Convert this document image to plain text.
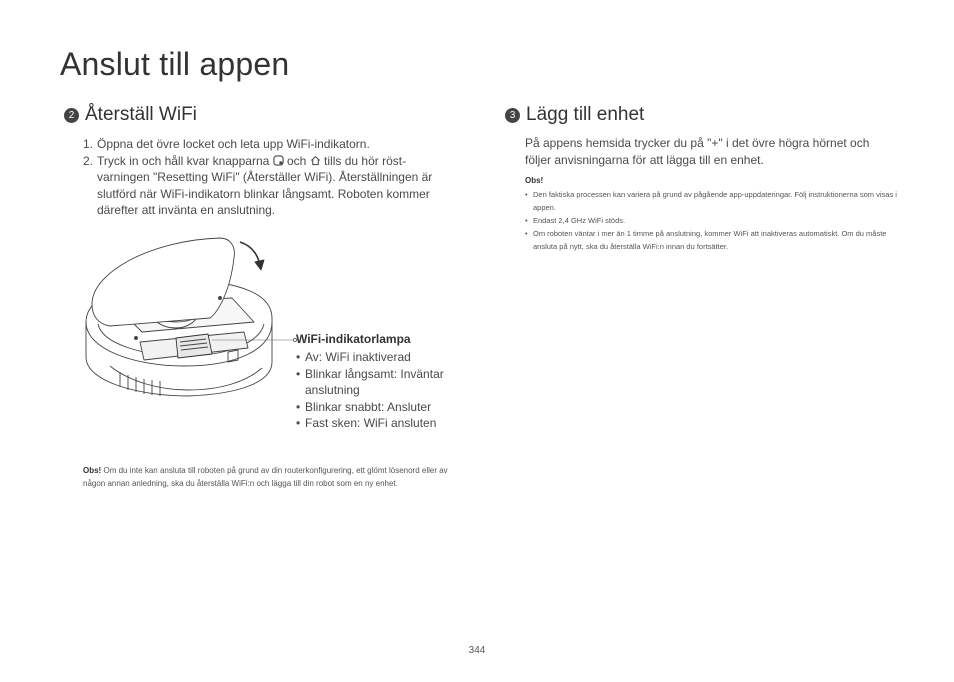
Anslut till appen
2 Återställ WiFi
1. Öppna det övre locket och leta upp WiFi-indikatorn.
2. Tryck in och håll kvar knapparna och tills du hör röst-varningen "Resetting WiFi" (Återställer WiFi). Återställningen är slutförd när WiFi-indikatorn blinkar långsamt. Roboten kommer därefter att invänta en anslutning.
WiFi-indikatorlampa
• Av: WiFi inaktiverad
• Blinkar långsamt: Inväntar anslutning
• Blinkar snabbt: Ansluter
• Fast sken: WiFi ansluten

Obs! Om du inte kan ansluta till roboten på grund av din routerkonfigurering, ett glömt lösenord eller av någon annan anledning, ska du återställa WiFi:n och lägga till din robot som en ny enhet.

3 Lägg till enhet

På appens hemsida trycker du på "+" i det övre högra hörnet och följer anvisningarna för att lägga till en enhet.

Obs!

• Den faktiska processen kan variera på grund av pågående app-uppdateringar. Följ instruktionerna som visas i appen.
• Endast 2,4 GHz WiFi stöds.
• Om roboten väntar i mer än 1 timme på anslutning, kommer WiFi att inaktiveras automatiskt. Om du måste ansluta på nytt, ska du återställa WiFi:n innan du fortsätter.

344
